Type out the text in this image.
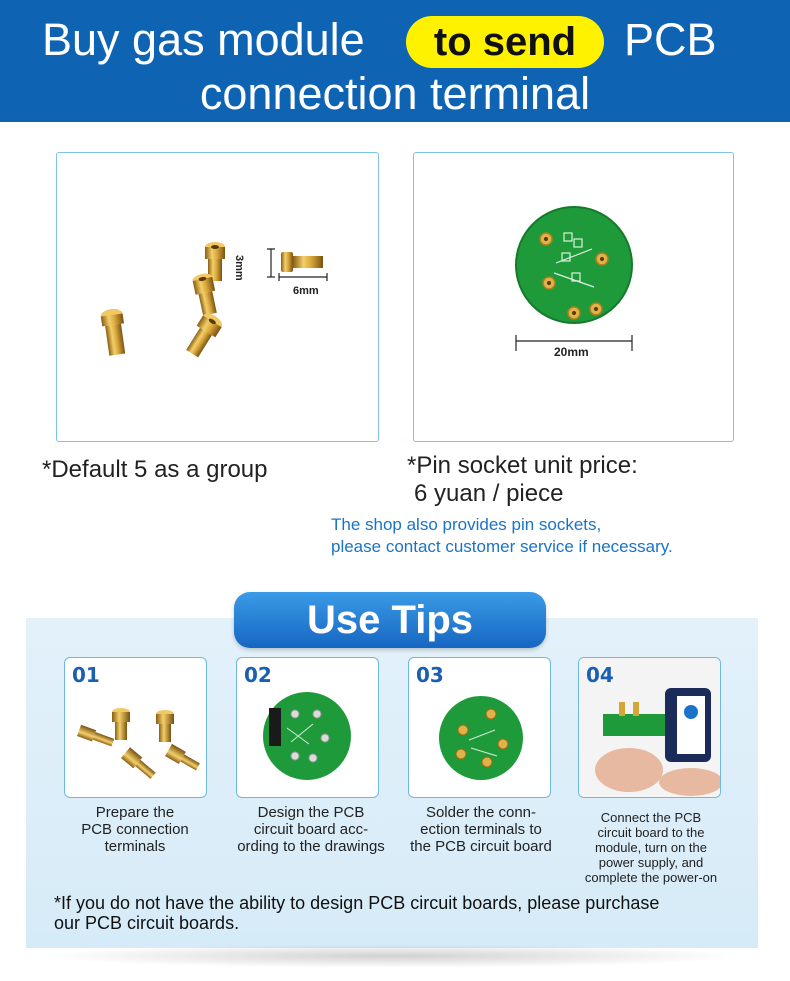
Buy gas module	to send	PCB
connection terminal
3mm
6mm
20mm
*Default 5 as a group	*Pin socket unit price:
6 yuan / piece
The shop also provides pin sockets,
please contact customer service if necessary.
Use Tips
01	02	03	04
Prepare the
PCB connection
terminals
Design the PCB
circuit board acc-
ording to the drawings
Solder the conn-
ection terminals to
the PCB circuit board
Connect the PCB
circuit board to the
module, turn on the
power supply, and
complete the power-on
*If you do not have the ability to design PCB circuit boards, please purchase
our PCB circuit boards.
